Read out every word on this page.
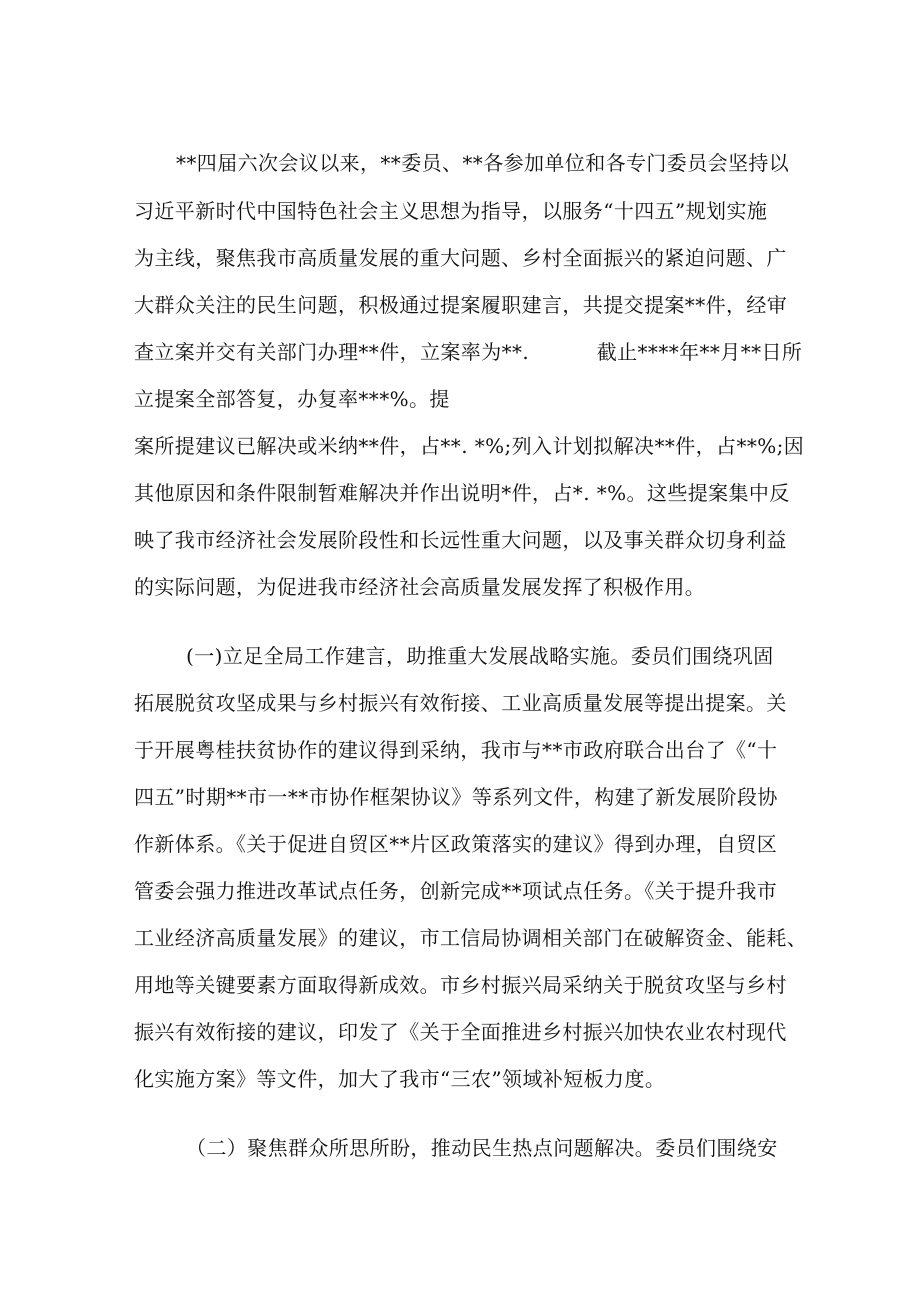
**四届六次会议以来，**委员、**各参加单位和各专门委员会坚持以
习近平新时代中国特色社会主义思想为指导，以服务“十四五”规划实施
为主线，聚焦我市高质量发展的重大问题、乡村全面振兴的紧迫问题、广
大群众关注的民生问题，积极通过提案履职建言，共提交提案**件，经审
查立案并交有关部门办理**件，立案率为**.          截止****年**月**日所
立提案全部答复，办复率***%。提
案所提建议已解决或米纳**件，占**. *%;列入计划拟解决**件，占**%;因
其他原因和条件限制暂难解决并作出说明*件，占*. *%。这些提案集中反
映了我市经济社会发展阶段性和长远性重大问题，以及事关群众切身利益
的实际问题，为促进我市经济社会高质量发展发挥了积极作用。
(一)立足全局工作建言，助推重大发展战略实施。委员们围绕巩固
拓展脱贫攻坚成果与乡村振兴有效衔接、工业高质量发展等提出提案。关
于开展粤桂扶贫协作的建议得到采纳，我市与**市政府联合出台了《“十
四五”时期**市一**市协作框架协议》等系列文件，构建了新发展阶段协
作新体系。《关于促进自贸区**片区政策落实的建议》得到办理，自贸区
管委会强力推进改革试点任务，创新完成**项试点任务。《关于提升我市
工业经济高质量发展》的建议，市工信局协调相关部门在破解资金、能耗、
用地等关键要素方面取得新成效。市乡村振兴局采纳关于脱贫攻坚与乡村
振兴有效衔接的建议，印发了《关于全面推进乡村振兴加快农业农村现代
化实施方案》等文件，加大了我市“三农”领域补短板力度。
（二）聚焦群众所思所盼，推动民生热点问题解决。委员们围绕安
